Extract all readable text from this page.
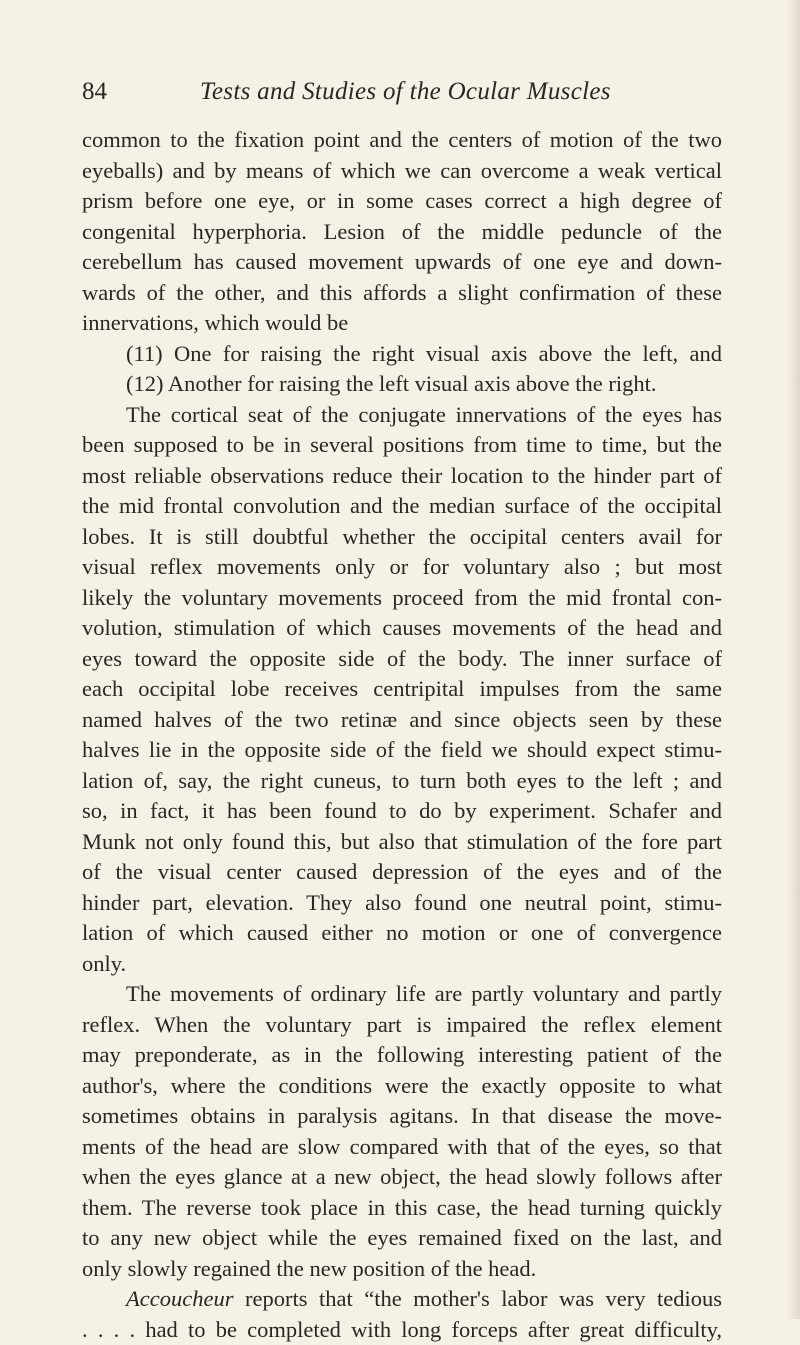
84	Tests and Studies of the Ocular Muscles
common to the fixation point and the centers of motion of the two
eyeballs) and by means of which we can overcome a weak vertical
prism before one eye, or in some cases correct a high degree of
congenital hyperphoria. Lesion of the middle peduncle of the
cerebellum has caused movement upwards of one eye and down-
wards of the other, and this affords a slight confirmation of these
innervations, which would be
(11) One for raising the right visual axis above the left, and
(12) Another for raising the left visual axis above the right.
The cortical seat of the conjugate innervations of the eyes has
been supposed to be in several positions from time to time, but the
most reliable observations reduce their location to the hinder part of
the mid frontal convolution and the median surface of the occipital
lobes. It is still doubtful whether the occipital centers avail for
visual reflex movements only or for voluntary also ; but most
likely the voluntary movements proceed from the mid frontal con-
volution, stimulation of which causes movements of the head and
eyes toward the opposite side of the body. The inner surface of
each occipital lobe receives centripital impulses from the same
named halves of the two retinæ and since objects seen by these
halves lie in the opposite side of the field we should expect stimu-
lation of, say, the right cuneus, to turn both eyes to the left ; and
so, in fact, it has been found to do by experiment. Schafer and
Munk not only found this, but also that stimulation of the fore part
of the visual center caused depression of the eyes and of the
hinder part, elevation. They also found one neutral point, stimu-
lation of which caused either no motion or one of convergence
only.
The movements of ordinary life are partly voluntary and partly
reflex. When the voluntary part is impaired the reflex element
may preponderate, as in the following interesting patient of the
author's, where the conditions were the exactly opposite to what
sometimes obtains in paralysis agitans. In that disease the move-
ments of the head are slow compared with that of the eyes, so that
when the eyes glance at a new object, the head slowly follows after
them. The reverse took place in this case, the head turning quickly
to any new object while the eyes remained fixed on the last, and
only slowly regained the new position of the head.
Accoucheur reports that “the mother's labor was very tedious
. . . . had to be completed with long forceps after great difficulty,
